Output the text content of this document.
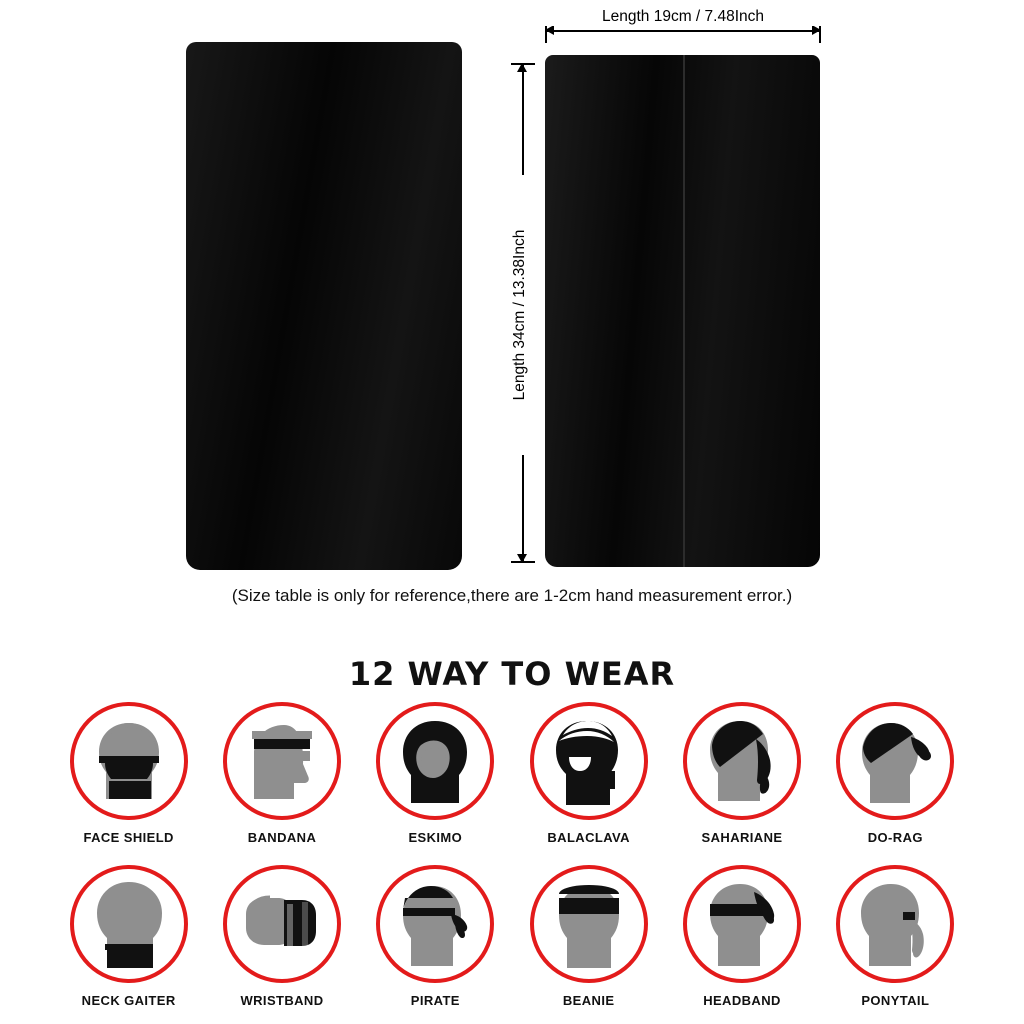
Length 19cm / 7.48Inch
Length 34cm / 13.38Inch
(Size table is only for reference,there are 1-2cm hand measurement error.)
12 WAY TO WEAR
FACE SHIELD	BANDANA	ESKIMO	BALACLAVA	SAHARIANE	DO-RAG
NECK GAITER	WRISTBAND	PIRATE	BEANIE	HEADBAND	PONYTAIL
